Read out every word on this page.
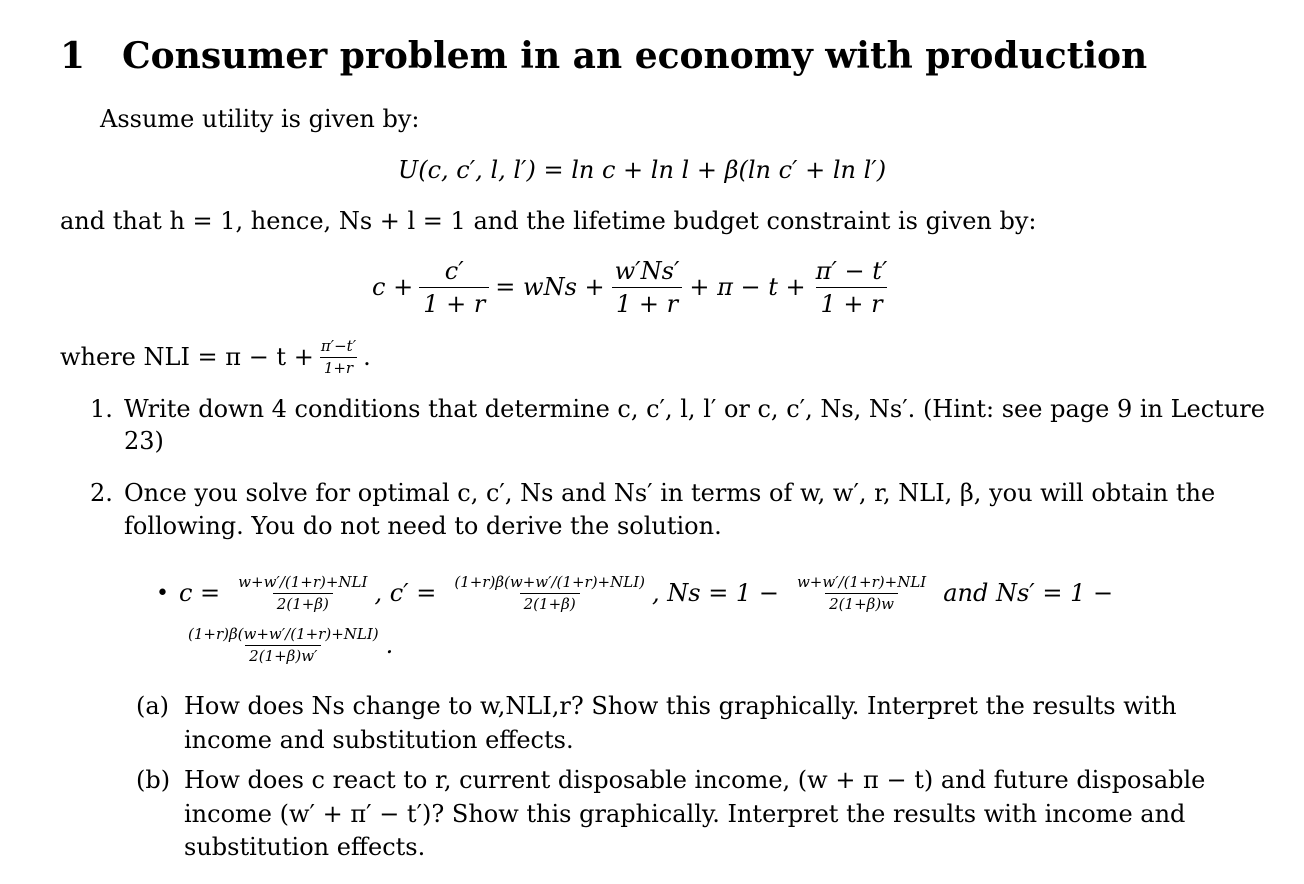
1 Consumer problem in an economy with production
Assume utility is given by:
U(c, c′, l, l′) = ln c + ln l + β(ln c′ + ln l′)
and that h = 1, hence, Ns + l = 1 and the lifetime budget constraint is given by:
$c + \frac{c'}{1 + r}$ = wNs + $\frac{w'Ns'}{1 + r} + \pi - t + \frac{\pi' - t'}{1 + r}$
where NLI = $\pi - t + \frac{\pi'-t'}{1+r}$ .
1. Write down 4 conditions that determine c, c′, l, l′ or c, c′, Ns, Ns′. (Hint: see page 9 in Lecture
23)
2. Once you solve for optimal c, c′, Ns and Ns′ in terms of w, w′, r, NLI, β, you will obtain the
following. You do not need to derive the solution.
• $c = \frac{\text{w+w′/(1+r)+NLI}}{2(1+\beta)}$ , $c' = \frac{\text{(1+r)β(w+w′/(1+r)+NLI)}}{2(1+\beta)}$ , $Ns = 1 - \frac{\text{w+w′/(1+r)+NLI}}{2(1+\beta)w}$ and Ns′ = 1 −
$\frac{\text{(1+r)β(w+w′/(1+r)+NLI)}}{2(1+\beta)w'}$ .
(a) How does Ns change to w,NLI,r? Show this graphically. Interpret the results with
income and substitution effects.
(b) How does c react to r, current disposable income, (w + π − t) and future disposable
income (w′ + π′ − t′)? Show this graphically. Interpret the results with income and
substitution effects.
